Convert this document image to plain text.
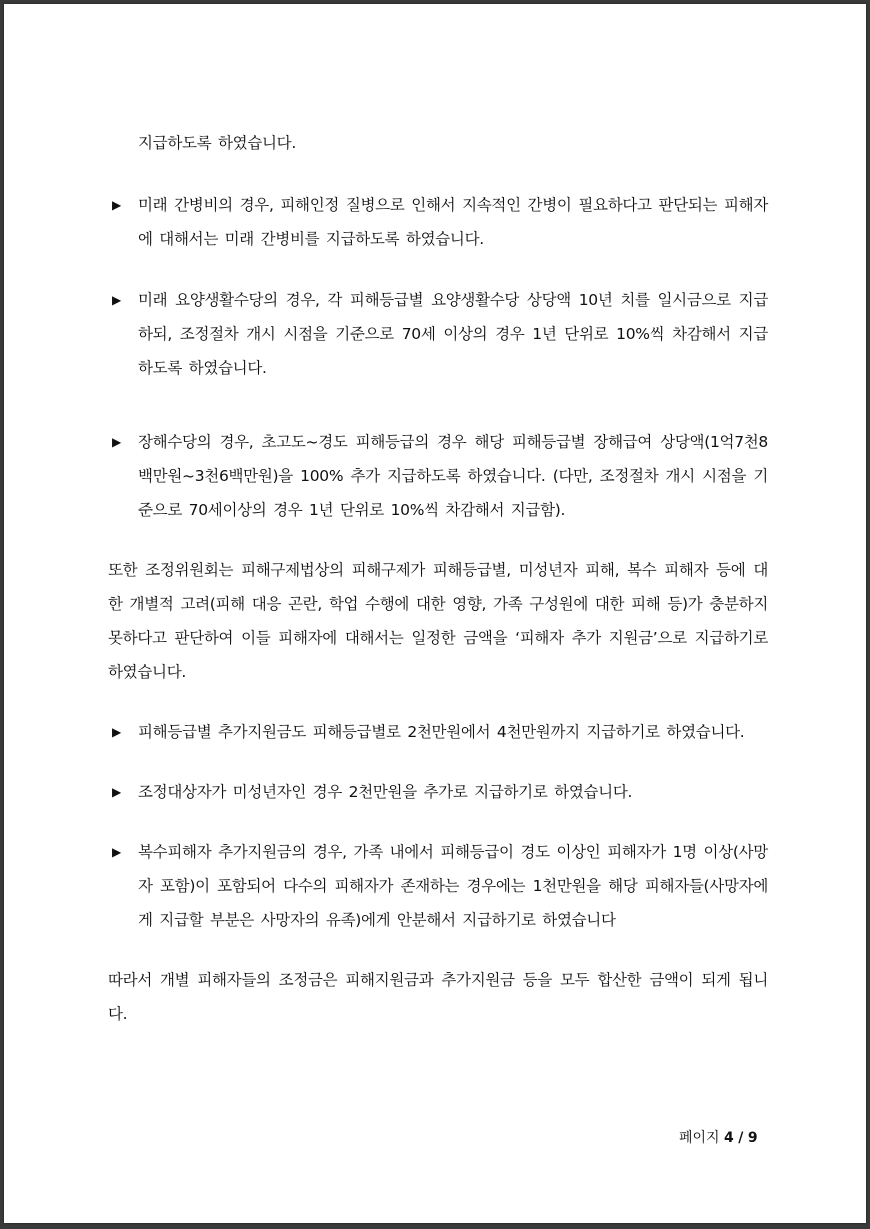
지급하도록 하였습니다.

▶ 미래 간병비의 경우, 피해인정 질병으로 인해서 지속적인 간병이 필요하다고 판단되는 피해자에 대해서는 미래 간병비를 지급하도록 하였습니다.
▶ 미래 요양생활수당의 경우, 각 피해등급별 요양생활수당 상당액 10년 치를 일시금으로 지급하되, 조정절차 개시 시점을 기준으로 70세 이상의 경우 1년 단위로 10%씩 차감해서 지급하도록 하였습니다.
▶ 장해수당의 경우, 초고도~경도 피해등급의 경우 해당 피해등급별 장해급여 상당액(1억7천8백만원~3천6백만원)을 100% 추가 지급하도록 하였습니다. (다만, 조정절차 개시 시점을 기준으로 70세이상의 경우 1년 단위로 10%씩 차감해서 지급함).

또한 조정위원회는 피해구제법상의 피해구제가 피해등급별, 미성년자 피해, 복수 피해자 등에 대한 개별적 고려(피해 대응 곤란, 학업 수행에 대한 영향, 가족 구성원에 대한 피해 등)가 충분하지 못하다고 판단하여 이들 피해자에 대해서는 일정한 금액을 ‘피해자 추가 지원금’으로 지급하기로 하였습니다.

▶ 피해등급별 추가지원금도 피해등급별로 2천만원에서 4천만원까지 지급하기로 하였습니다.
▶ 조정대상자가 미성년자인 경우 2천만원을 추가로 지급하기로 하였습니다.
▶ 복수피해자 추가지원금의 경우, 가족 내에서 피해등급이 경도 이상인 피해자가 1명 이상(사망자 포함)이 포함되어 다수의 피해자가 존재하는 경우에는 1천만원을 해당 피해자들(사망자에게 지급할 부분은 사망자의 유족)에게 안분해서 지급하기로 하였습니다

따라서 개별 피해자들의 조정금은 피해지원금과 추가지원금 등을 모두 합산한 금액이 되게 됩니다.

페이지 4 / 9
